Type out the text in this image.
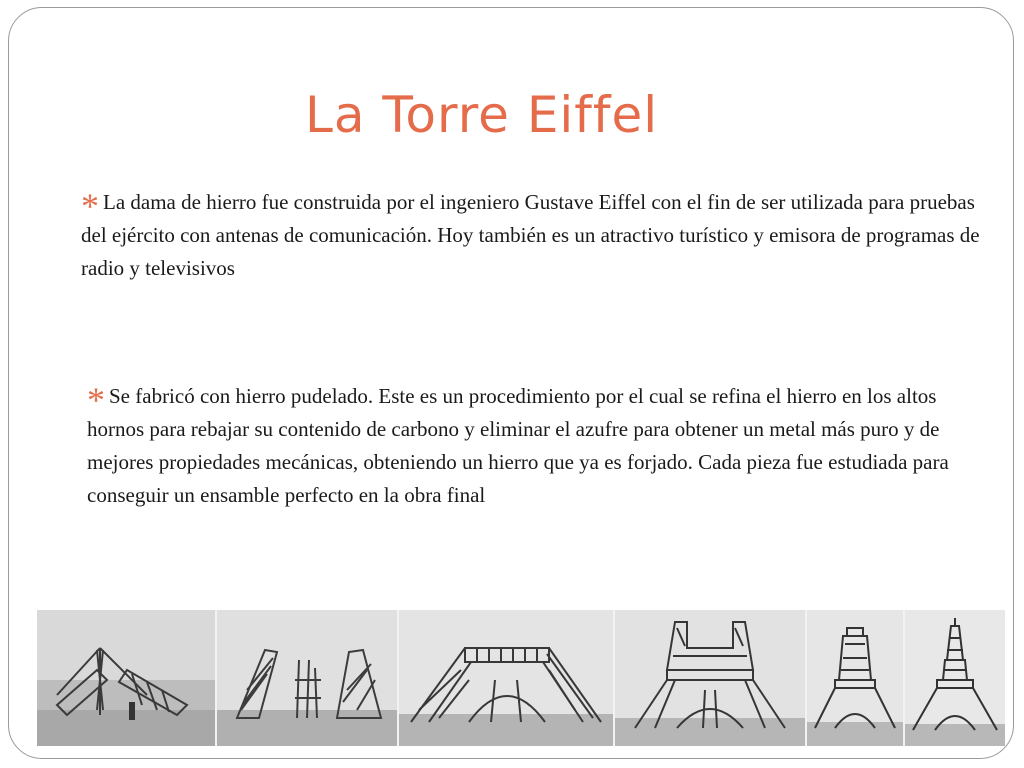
La Torre Eiffel

* La dama de hierro fue construida por el ingeniero Gustave Eiffel con el fin de ser utilizada para pruebas del ejército con antenas de comunicación. Hoy también es un atractivo turístico y emisora de programas de radio y televisivos

* Se fabricó con hierro pudelado. Este es un procedimiento por el cual se refina el hierro en los altos hornos para rebajar su contenido de carbono y eliminar el azufre para obtener un metal más puro y de mejores propiedades mecánicas, obteniendo un hierro que ya es forjado. Cada pieza fue estudiada para conseguir un ensamble perfecto en la obra final
